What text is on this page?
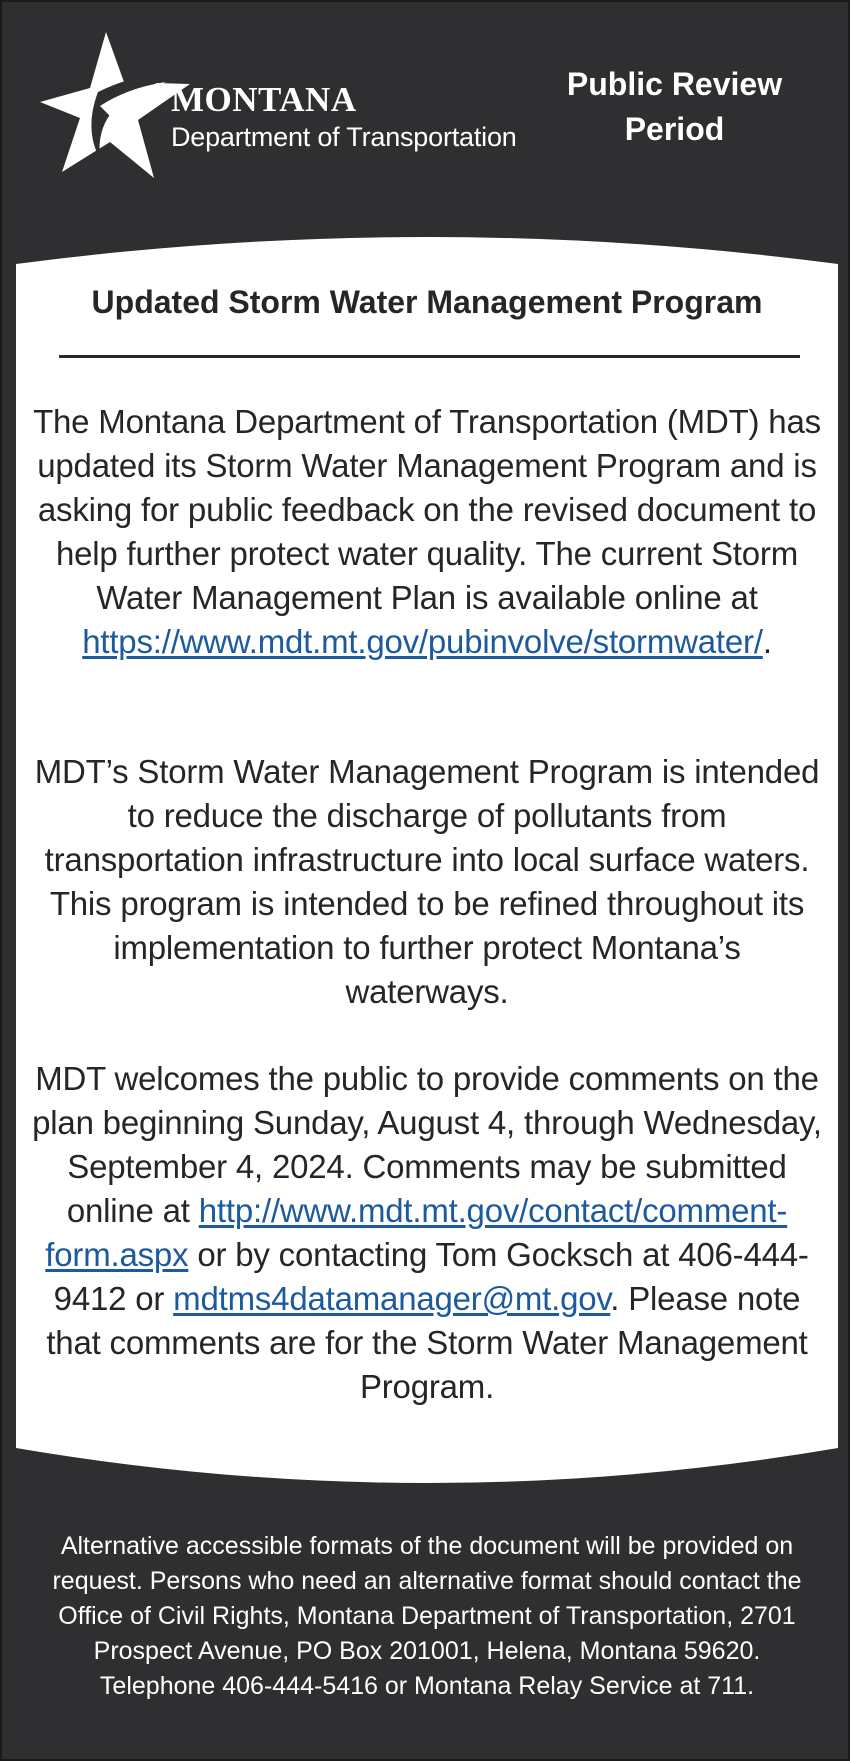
MONTANA
Department of Transportation
Public Review
Period
Updated Storm Water Management Program
The Montana Department of Transportation (MDT) has updated its Storm Water Management Program and is asking for public feedback on the revised document to help further protect water quality. The current Storm Water Management Plan is available online at https://www.mdt.mt.gov/pubinvolve/stormwater/.
MDT’s Storm Water Management Program is intended to reduce the discharge of pollutants from transportation infrastructure into local surface waters. This program is intended to be refined throughout its implementation to further protect Montana’s waterways.
MDT welcomes the public to provide comments on the plan beginning Sunday, August 4, through Wednesday, September 4, 2024. Comments may be submitted online at http://www.mdt.mt.gov/contact/comment-form.aspx or by contacting Tom Gocksch at 406-444-9412 or mdtms4datamanager@mt.gov. Please note that comments are for the Storm Water Management Program.
Alternative accessible formats of the document will be provided on request. Persons who need an alternative format should contact the Office of Civil Rights, Montana Department of Transportation, 2701 Prospect Avenue, PO Box 201001, Helena, Montana 59620. Telephone 406-444-5416 or Montana Relay Service at 711.
